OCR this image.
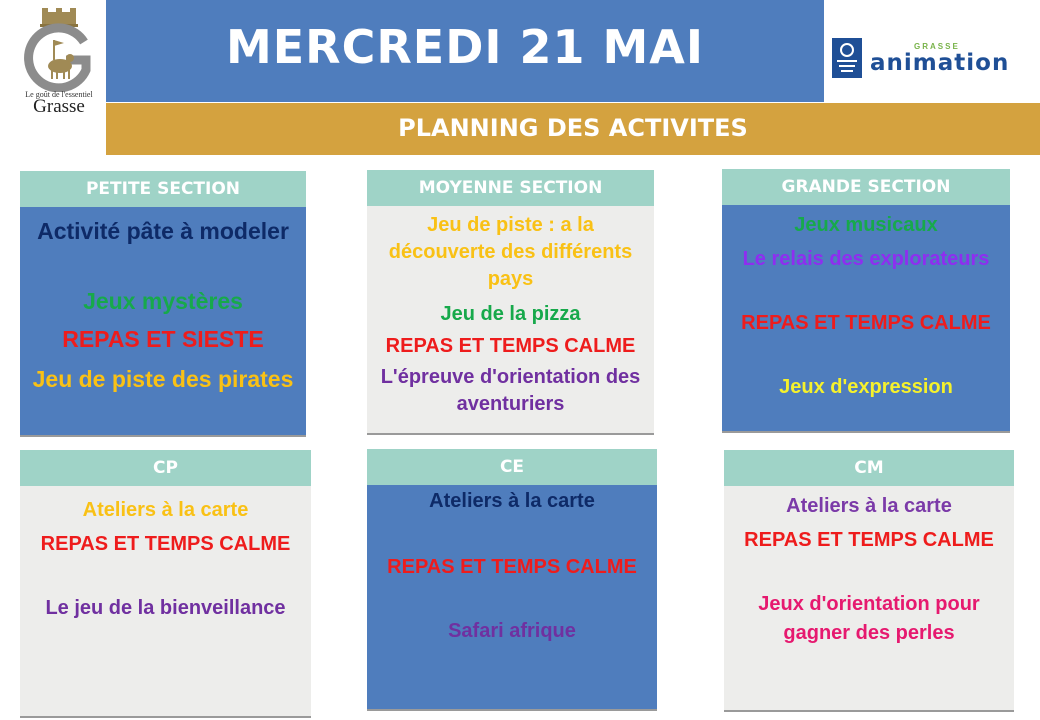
Le goût de l'essentiel
Grasse
MERCREDI 21 MAI	GRASSE
animation
PLANNING DES ACTIVITES
PETITE SECTION
Activité pâte à modeler
Jeux mystères
REPAS ET SIESTE
Jeu de piste des pirates
MOYENNE SECTION
Jeu de piste : a la découverte des différents pays
Jeu de la pizza
REPAS ET TEMPS CALME
L'épreuve d'orientation des aventuriers
GRANDE SECTION
Jeux musicaux
Le relais des explorateurs
REPAS ET TEMPS CALME
Jeux d'expression
CP
Ateliers à la carte
REPAS ET TEMPS CALME
Le jeu de la bienveillance
CE
Ateliers à la carte
REPAS ET TEMPS CALME
Safari afrique
CM
Ateliers à la carte
REPAS ET TEMPS CALME
Jeux d'orientation pour gagner des perles
